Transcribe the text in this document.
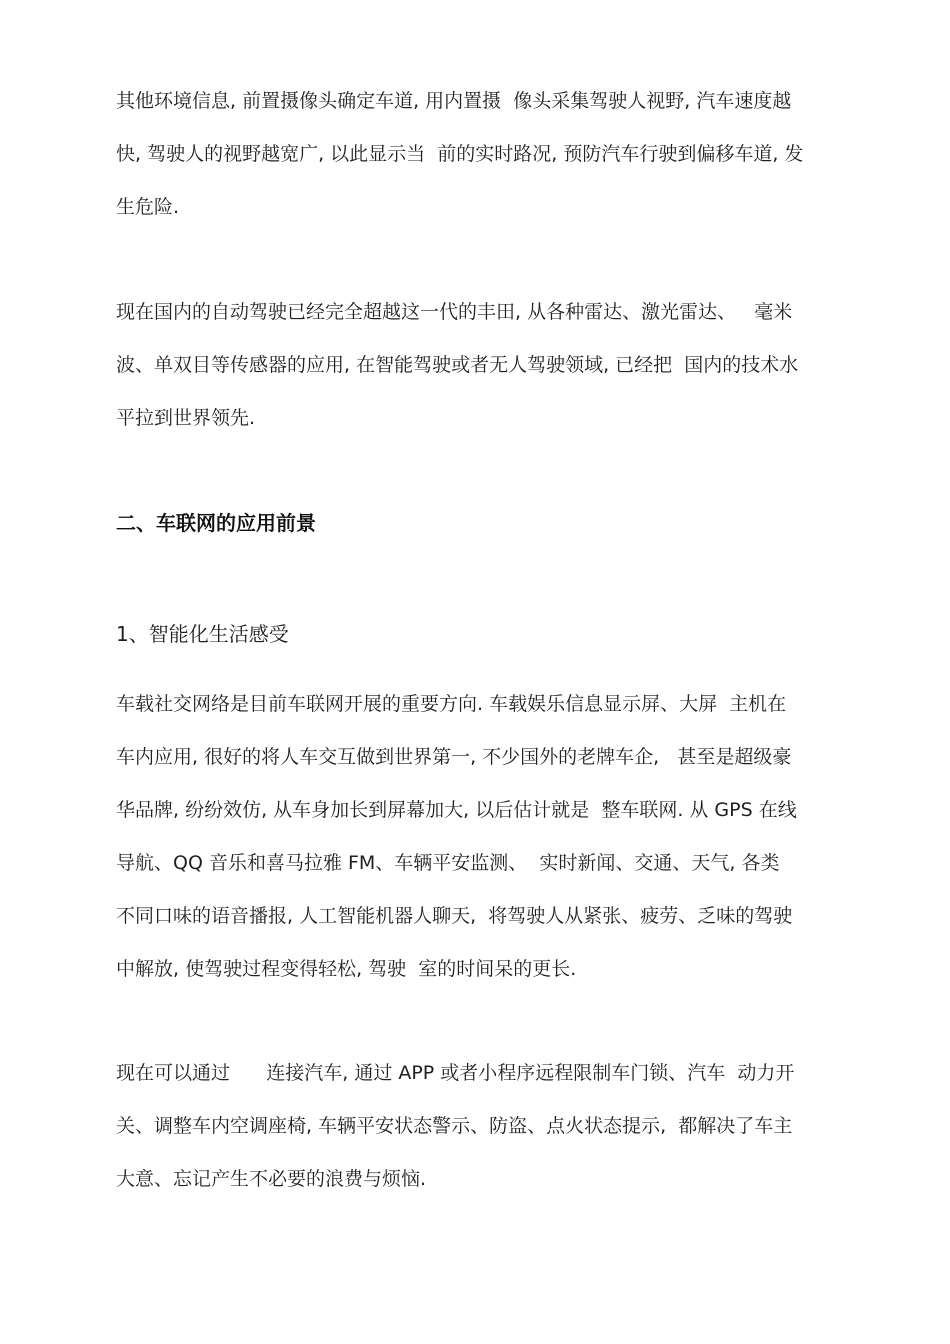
其他环境信息, 前置摄像头确定车道, 用内置摄  像头采集驾驶人视野, 汽车速度越
快, 驾驶人的视野越宽广, 以此显示当  前的实时路况, 预防汽车行驶到偏移车道, 发
生危险.
现在国内的自动驾驶已经完全超越这一代的丰田, 从各种雷达、激光雷达、   毫米
波、单双目等传感器的应用, 在智能驾驶或者无人驾驶领域, 已经把  国内的技术水
平拉到世界领先.
二、车联网的应用前景
1、智能化生活感受
车载社交网络是目前车联网开展的重要方向. 车载娱乐信息显示屏、大屏  主机在
车内应用, 很好的将人车交互做到世界第一, 不少国外的老牌车企,   甚至是超级豪
华品牌, 纷纷效仿, 从车身加长到屏幕加大, 以后估计就是  整车联网. 从 GPS 在线
导航、QQ 音乐和喜马拉雅 FM、车辆平安监测、  实时新闻、交通、天气, 各类
不同口味的语音播报, 人工智能机器人聊天,  将驾驶人从紧张、疲劳、乏味的驾驶
中解放, 使驾驶过程变得轻松, 驾驶  室的时间呆的更长.
现在可以通过      连接汽车, 通过 APP 或者小程序远程限制车门锁、汽车  动力开
关、调整车内空调座椅, 车辆平安状态警示、防盗、点火状态提示,  都解决了车主
大意、忘记产生不必要的浪费与烦恼.
